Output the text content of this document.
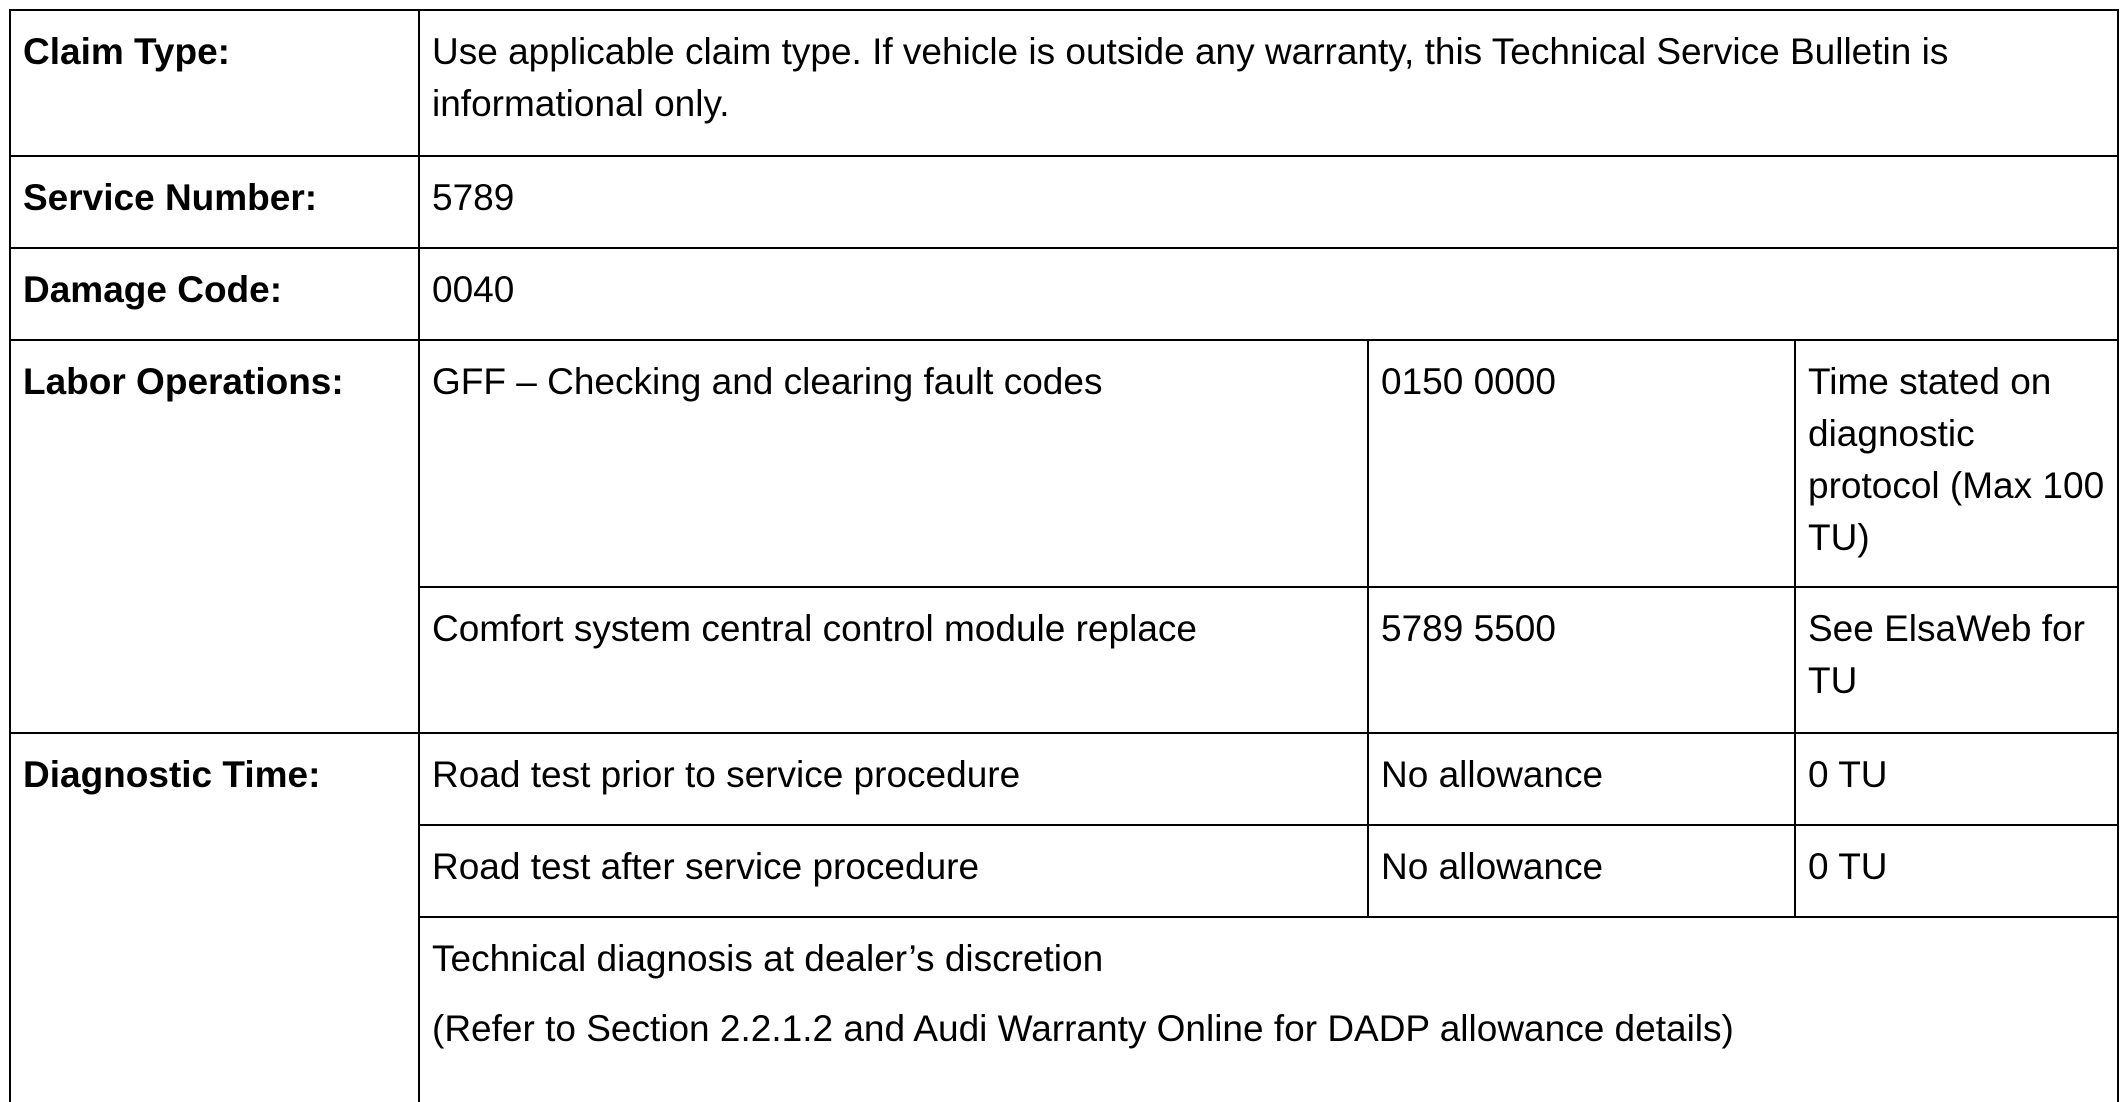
Claim Type:	Use applicable claim type. If vehicle is outside any warranty, this Technical Service Bulletin is informational only.		
Service Number:	5789		
Damage Code:	0040		
Labor Operations:	GFF – Checking and clearing fault codes	0150 0000	Time stated on diagnostic protocol (Max 100 TU)
	Comfort system central control module replace	5789 5500	See ElsaWeb for TU
Diagnostic Time:	Road test prior to service procedure	No allowance	0 TU
	Road test after service procedure	No allowance	0 TU

	Technical diagnosis at dealer’s discretion
(Refer to Section 2.2.1.2 and Audi Warranty Online for DADP allowance details)		
